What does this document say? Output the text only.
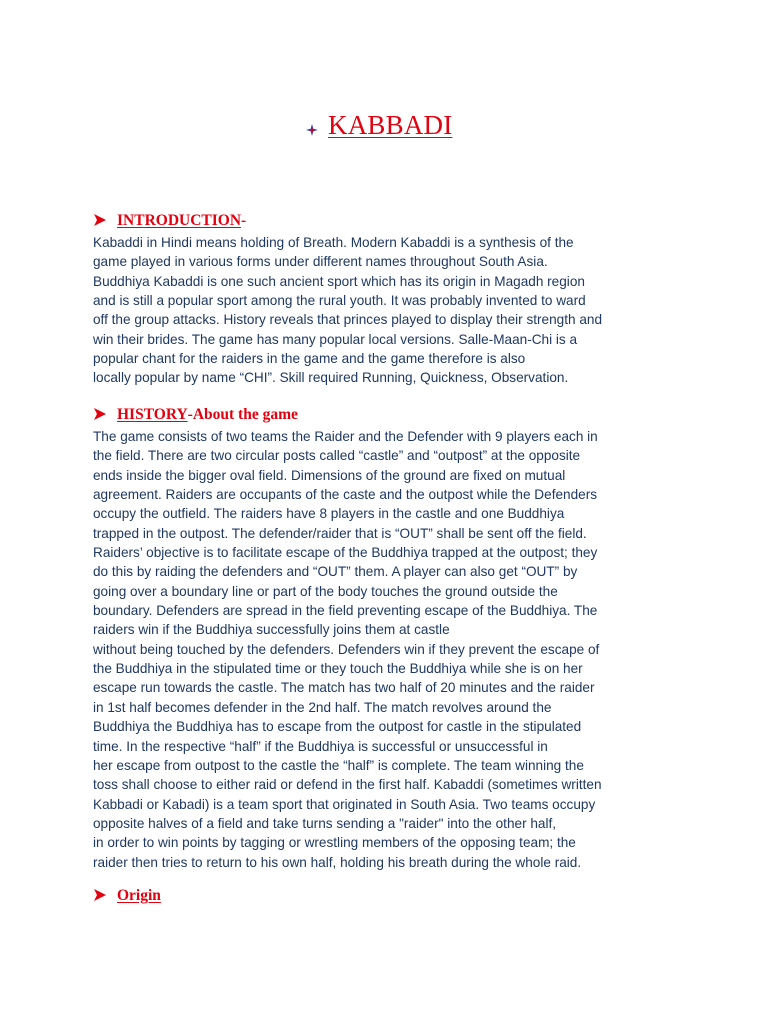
KABBADI
INTRODUCTION -
Kabaddi in Hindi means holding of Breath. Modern Kabaddi is a synthesis of the
game played in various forms under different names throughout South Asia.
Buddhiya Kabaddi is one such ancient sport which has its origin in Magadh region
and is still a popular sport among the rural youth. It was probably invented to ward
off the group attacks. History reveals that princes played to display their strength and
win their brides. The game has many popular local versions. Salle-Maan-Chi is a
popular chant for the raiders in the game and the game therefore is also
locally popular by name “CHI”. Skill required Running, Quickness, Observation.
HISTORY -About the game
The game consists of two teams the Raider and the Defender with 9 players each in
the field. There are two circular posts called “castle” and “outpost” at the opposite
ends inside the bigger oval field. Dimensions of the ground are fixed on mutual
agreement. Raiders are occupants of the caste and the outpost while the Defenders
occupy the outfield. The raiders have 8 players in the castle and one Buddhiya
trapped in the outpost. The defender/raider that is “OUT” shall be sent off the field.
Raiders’ objective is to facilitate escape of the Buddhiya trapped at the outpost; they
do this by raiding the defenders and “OUT” them. A player can also get “OUT” by
going over a boundary line or part of the body touches the ground outside the
boundary. Defenders are spread in the field preventing escape of the Buddhiya. The
raiders win if the Buddhiya successfully joins them at castle
without being touched by the defenders. Defenders win if they prevent the escape of
the Buddhiya in the stipulated time or they touch the Buddhiya while she is on her
escape run towards the castle. The match has two half of 20 minutes and the raider
in 1st half becomes defender in the 2nd half. The match revolves around the
Buddhiya the Buddhiya has to escape from the outpost for castle in the stipulated
time. In the respective “half” if the Buddhiya is successful or unsuccessful in
her escape from outpost to the castle the “half” is complete. The team winning the
toss shall choose to either raid or defend in the first half. Kabaddi (sometimes written
Kabbadi or Kabadi) is a team sport that originated in South Asia. Two teams occupy
opposite halves of a field and take turns sending a "raider" into the other half,
in order to win points by tagging or wrestling members of the opposing team; the
raider then tries to return to his own half, holding his breath during the whole raid.
Origin
